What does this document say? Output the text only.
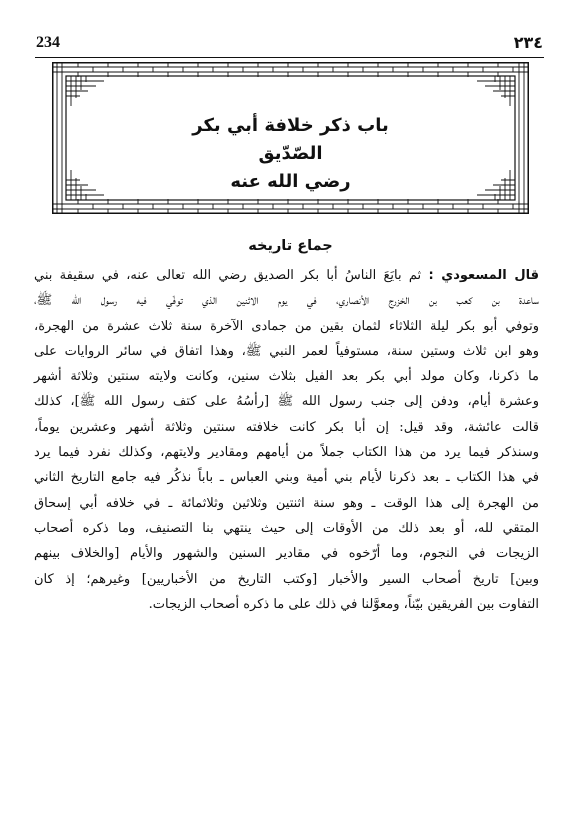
234	٢٣٤
باب ذكر خلافة أبي بكر الصّدّيق
رضي الله عنه
جماع تاريخه
قال المسعودي : ثم بايَعَ الناسُ أبا بكر الصديق رضي الله تعالى عنه، في سقيفة بني
ساعدة بن كعب بن الخزرج الأنصاري، في يوم الاثنين الذي توفّي فيه رسول الله ﷺ،
وتوفي أبو بكر ليلة الثلاثاء لثمان بقين من جمادى الآخرة سنة ثلاث عشرة من الهجرة،
وهو ابن ثلاث وستين سنة، مستوفياً لعمر النبي ﷺ، وهذا اتفاق في سائر الروايات على
ما ذكرنا، وكان مولد أبي بكر بعد الفيل بثلاث سنين، وكانت ولايته سنتين وثلاثة أشهر
وعشرة أيام، ودفن إلى جنب رسول الله ﷺ [رأسُهُ على كتف رسول الله ﷺ]، كذلك
قالت عائشة، وقد قيل: إن أبا بكر كانت خلافته سنتين وثلاثة أشهر وعشرين يوماً،
وسنذكر فيما يرد من هذا الكتاب جملاً من أيامهم ومقادير ولايتهم، وكذلك نفرد فيما يرد
في هذا الكتاب ـ بعد ذكرنا لأيام بني أمية وبني العباس ـ باباً نذكُر فيه جامع التاريخ الثاني
من الهجرة إلى هذا الوقت ـ وهو سنة اثنتين وثلاثين وثلاثمائة ـ في خلافه أبي إسحاق
المتقي لله، أو بعد ذلك من الأوقات إلى حيث ينتهي بنا التصنيف، وما ذكره أصحاب
الزيجات في النجوم، وما أرّخوه في مقادير السنين والشهور والأيام [والخلاف بينهم
وبين] تاريخ أصحاب السير والأخبار [وكتب التاريخ من الأخباريين] وغيرهم؛ إذ كان
التفاوت بين الفريقين بيّناً، ومعوَّلنا في ذلك على ما ذكره أصحاب الزيجات.
